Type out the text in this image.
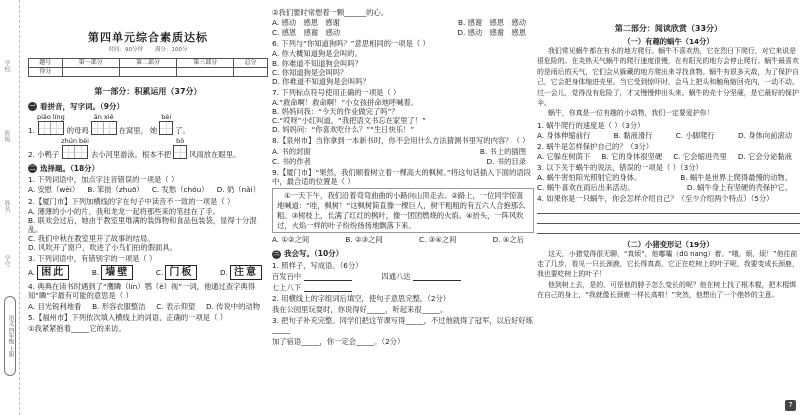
学校
班级
姓名
学号
语文 四年级 上册
第四单元综合素质达标
时间：90分钟 满分：100分
题号	第一部分	第二部分	第三部分	总分
得分				
第一部分：积累运用（37分）
一 看拼音，写字词。（9分）
1.
piāo líng
的母鸡
ān xiē
在窝里， 她
bèi
了。
2. 小鸭子
zhūn bèi
去小河里游泳，根本不把
bō
风雨放在眼里。
二 选择题。（18分）
1. 下列词语中，加点字注音错误的一项是（ ）
A. 安慰（wèi） B. 笨拙（zhuō） C. 发愁（chóu） D. 奶（nǎi）
2.【厦门市】下列加横线的字在句子中读音不一致的一项是（ ）
A. 薄薄的小小的片，我和龙龙一起将那些来的笔挂在了手。
B. 联欢会过后，她由于教室里堆满的装饰物和食品包装袋，显得十分混乱。
C. 我们中秋在教室里开了故事的结局。
D. 风吹开了窗户，吹进了小鸟们拍的假面具。
3. 下列词语中，有错别字的一项是（ ）
A. 困此	B. 墙壁	C. 门板	D. 注意
4. 典典在读书时遇到了“鹰瞵（lín）鹗（è）视”一词，他通过查字典得知“瞵”字最有可能的意思是（ ）
A. 目光锐利地看 B. 形容衣服整洁 C. 表示仰望 D. 传说中的动物
5.【福州市】下列依次填入横线上的词语，正确的一项是（ ）
①我紧紧抱着_____它的来访。
②我们要时常想着一颗______的心。
A. 感动　感恩　感谢	B. 感谢　感恩　感动
C. 感恩　感谢　感动	D. 感动　感谢　感恩
6. 下列与“你知道狗吗？”意思相同的一项是（ ）
A. 你大概知道狗是会叫的。
B. 你难道不知道狗会叫吗？
C. 你知道狗是会叫吗？
D. 你难道不知道狗是会叫吗？
7. 下列标点符号使用正确的一项是（ ）
A.“救命啊！救命啊！”小女孩拼命地呼喊着。
B. 妈妈问我：“今天的作业做完了吗”？
C.“哎呀”小红叫道，“我把语文书忘在家里了！”
D. 妈妈问：“你喜欢吃什么？”“生日快乐！”
8.【泉州市】当你拿到一本新书时，你不会用什么方法猜测书里写的内容？（ ）
A. 书的封面	B. 书上的插图
C. 书的作者	D. 书的目录
9.【厦门市】“果然，我们顺着树立着一棵高大的枫树。”将这句话插入下面的语段中，最合适的位置是（ ）
①一天下午，我们沿着弯弯曲曲的小路向山顶走去。②路上，一位同学惊喜地喊道：“哇，枫树！”这枫树简直像一棵巨人，树干粗粗的有五六人合抱那么粗。③树枝上，长满了红红的枫叶，像一团团燃烧的火焰。④抬头，一阵风吹过，火焰一样的叶子纷纷扬扬地飘落下来。
A. ①②之间	B. ②③之间	C. ③④之间	D. ④之后
三 我会写。（10分）
1. 照样子，写成语。（6分）
百发百中	四通八达
七上八下
2. 用横线上的字组词后填空，使句子意思完整。（2分）
我在公园里玩耍时，你说得好_____，听起来很_____。
3. 把句子补充完整。同学们把这节课写得_____，不过他就得了冠军，以后好好练_____
加了宿语_____，你一定会_____。（2分）
第二部分：阅读欣赏（33分）
（一）有趣的蜗牛（14分）
我们常见蜗牛都在有水的地方爬行。蜗牛不喜欢热，它在烈日下爬行，对它来说是很危险的。在炎热天气蜗牛的爬行速度很慢，在有阳光的地方会停止爬行。蜗牛最喜欢的是雨后的天气，它们会从躲藏的地方爬出来寻找食物。蜗牛有很多天敌，为了保护自己，它会把身体缩进壳里。当它受到惊吓时，会马上把头和触角缩回壳内，一动不动。过一会儿，觉得没有危险了，才又慢慢伸出头来。蜗牛的壳十分坚硬，是它最好的保护伞。
蜗牛，你真是一位有趣的小动物，我们一定要爱护你！
1. 蜗牛爬行的速度是（ ）（3分）
A. 身体伸缩前行	B. 黏液滑行	C. 小脚爬行	D. 身体向前滚动
2. 蜗牛是怎样保护自己的？（3分）
A. 它躲在树荫下 B. 它的身体很坚硬 C. 它会缩进壳里 D. 它会分泌黏液
3. 以下关于蜗牛的说法，错误的一项是（ ）（3分）
A. 蜗牛害怕阳光照射它的身体。	B. 蜗牛是世界上爬得最慢的动物。
C. 蜗牛喜欢在雨后出来活动。	D. 蜗牛身上有坚硬的壳保护它。
4. 如果你是一只蜗牛，你会怎样介绍自己？（至少介绍两个特点）（5分）
（二）小猪变形记（19分）
这天，小猪觉得很无聊，“真烦”，他嘟囔（dū nang）着。“哦，烦，烦！”他往前走了几步，看见一只长颈鹿，它长得真高，它正在吃树上的叶子呢，我要变成长颈鹿，我也要吃树上的叶子！
他到树上去，是的，可是他的脖子怎么变长的呢？他在树上找了根木棍，把木棍绑在自己的身上，“我就像长颈鹿一样长高啦！”突然，他想出了一个绝妙的主意。
7
